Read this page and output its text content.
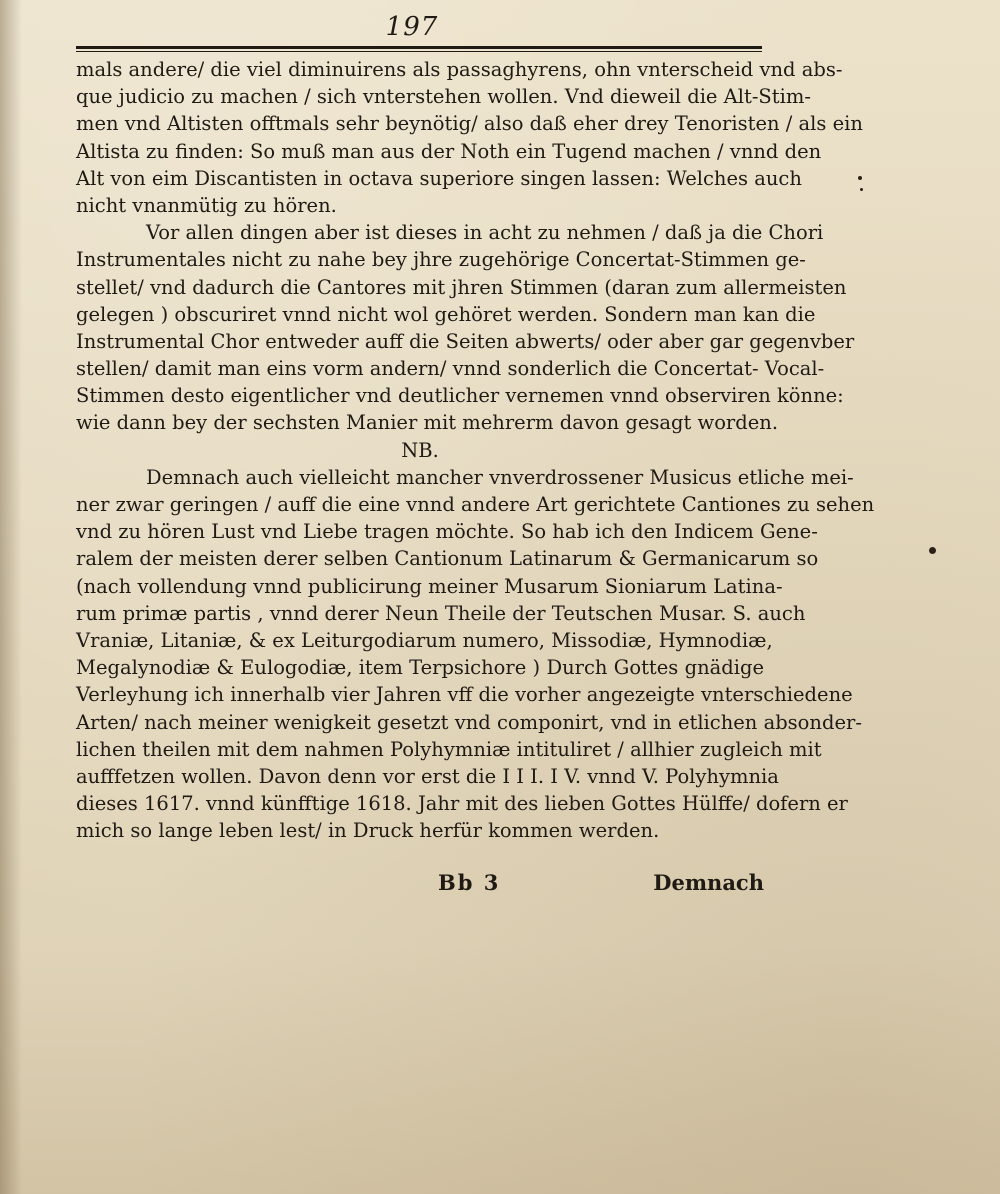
197
mals andere/ die viel diminuirens als passaghyrens, ohn vnterscheid vnd abs-
que judicio zu machen / sich vnterstehen wollen. Vnd dieweil die Alt-Stim-
men vnd Altisten offtmals sehr beynötig/ also daß eher drey Tenoristen / als ein
Altista zu finden: So muß man aus der Noth ein Tugend machen / vnnd den
Alt von eim Discantisten in octava superiore singen lassen: Welches auch
nicht vnanmütig zu hören.
Vor allen dingen aber ist dieses in acht zu nehmen / daß ja die Chori
Instrumentales nicht zu nahe bey jhre zugehörige Concertat-Stimmen ge-
stellet/ vnd dadurch die Cantores mit jhren Stimmen (daran zum allermeisten
gelegen ) obscuriret vnnd nicht wol gehöret werden. Sondern man kan die
Instrumental Chor entweder auff die Seiten abwerts/ oder aber gar gegenvber
stellen/ damit man eins vorm andern/ vnnd sonderlich die Concertat- Vocal-
Stimmen desto eigentlicher vnd deutlicher vernemen vnnd observiren könne:
wie dann bey der sechsten Manier mit mehrerm davon gesagt worden.
NB.
Demnach auch vielleicht mancher vnverdrossener Musicus etliche mei-
ner zwar geringen / auff die eine vnnd andere Art gerichtete Cantiones zu sehen
vnd zu hören Lust vnd Liebe tragen möchte. So hab ich den Indicem Gene-
ralem der meisten derer selben Cantionum Latinarum & Germanicarum so
(nach vollendung vnnd publicirung meiner Musarum Sioniarum Latina-
rum primæ partis , vnnd derer Neun Theile der Teutschen Musar. S. auch
Vraniæ, Litaniæ, & ex Leiturgodiarum numero, Missodiæ, Hymnodiæ,
Megalynodiæ & Eulogodiæ, item Terpsichore ) Durch Gottes gnädige
Verleyhung ich innerhalb vier Jahren vff die vorher angezeigte vnterschiedene
Arten/ nach meiner wenigkeit gesetzt vnd componirt, vnd in etlichen absonder-
lichen theilen mit dem nahmen Polyhymniæ intituliret / allhier zugleich mit
aufffetzen wollen. Davon denn vor erst die I I I. I V. vnnd V. Polyhymnia
dieses 1617. vnnd künfftige 1618. Jahr mit des lieben Gottes Hülffe/ dofern er
mich so lange leben lest/ in Druck herfür kommen werden.
Bb 3	Demnach
